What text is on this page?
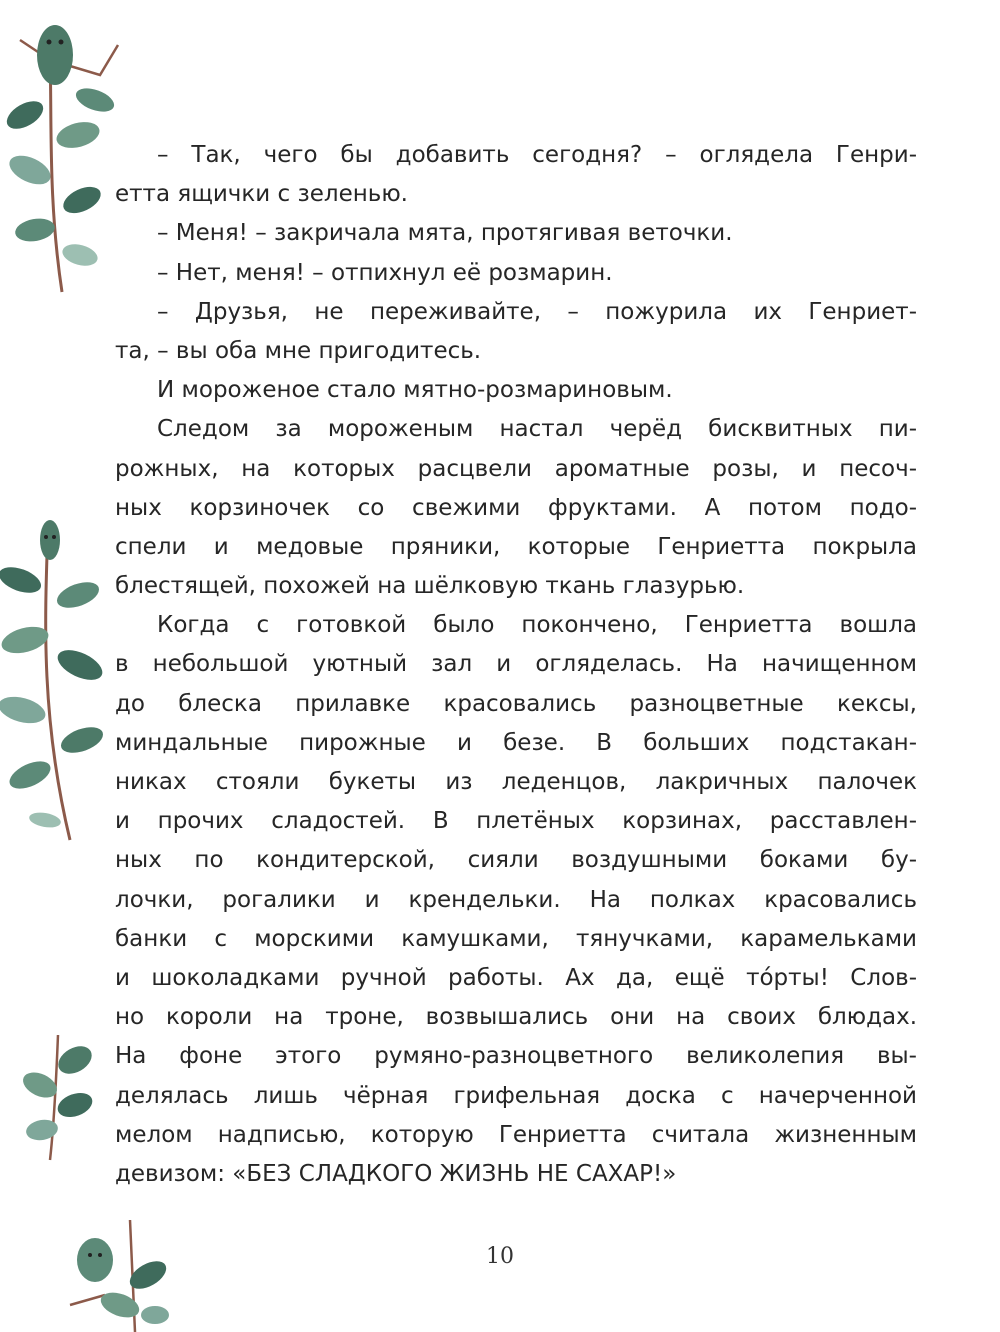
– Так, чего бы добавить сегодня? – оглядела Генри-
етта ящички с зеленью.
– Меня! – закричала мята, протягивая веточки.
– Нет, меня! – отпихнул её розмарин.
– Друзья, не переживайте, – пожурила их Генриет-
та, – вы оба мне пригодитесь.
И мороженое стало мятно-розмариновым.
Следом за мороженым настал черёд бисквитных пи-
рожных, на которых расцвели ароматные розы, и песоч-
ных корзиночек со свежими фруктами. А потом подо-
спели и медовые пряники, которые Генриетта покрыла
блестящей, похожей на шёлковую ткань глазурью.
Когда с готовкой было покончено, Генриетта вошла
в небольшой уютный зал и огляделась. На начищенном
до блеска прилавке красовались разноцветные кексы,
миндальные пирожные и безе. В больших подстакан-
никах стояли букеты из леденцов, лакричных палочек
и прочих сладостей. В плетёных корзинах, расставлен-
ных по кондитерской, сияли воздушными боками бу-
лочки, рогалики и крендельки. На полках красовались
банки с морскими камушками, тянучками, карамельками
и шоколадками ручной работы. Ах да, ещё тóрты! Слов-
но короли на троне, возвышались они на своих блюдах.
На фоне этого румяно-разноцветного великолепия вы-
делялась лишь чёрная грифельная доска с начерченной
мелом надписью, которую Генриетта считала жизненным
девизом: «БЕЗ СЛАДКОГО ЖИЗНЬ НЕ САХАР!»
10
